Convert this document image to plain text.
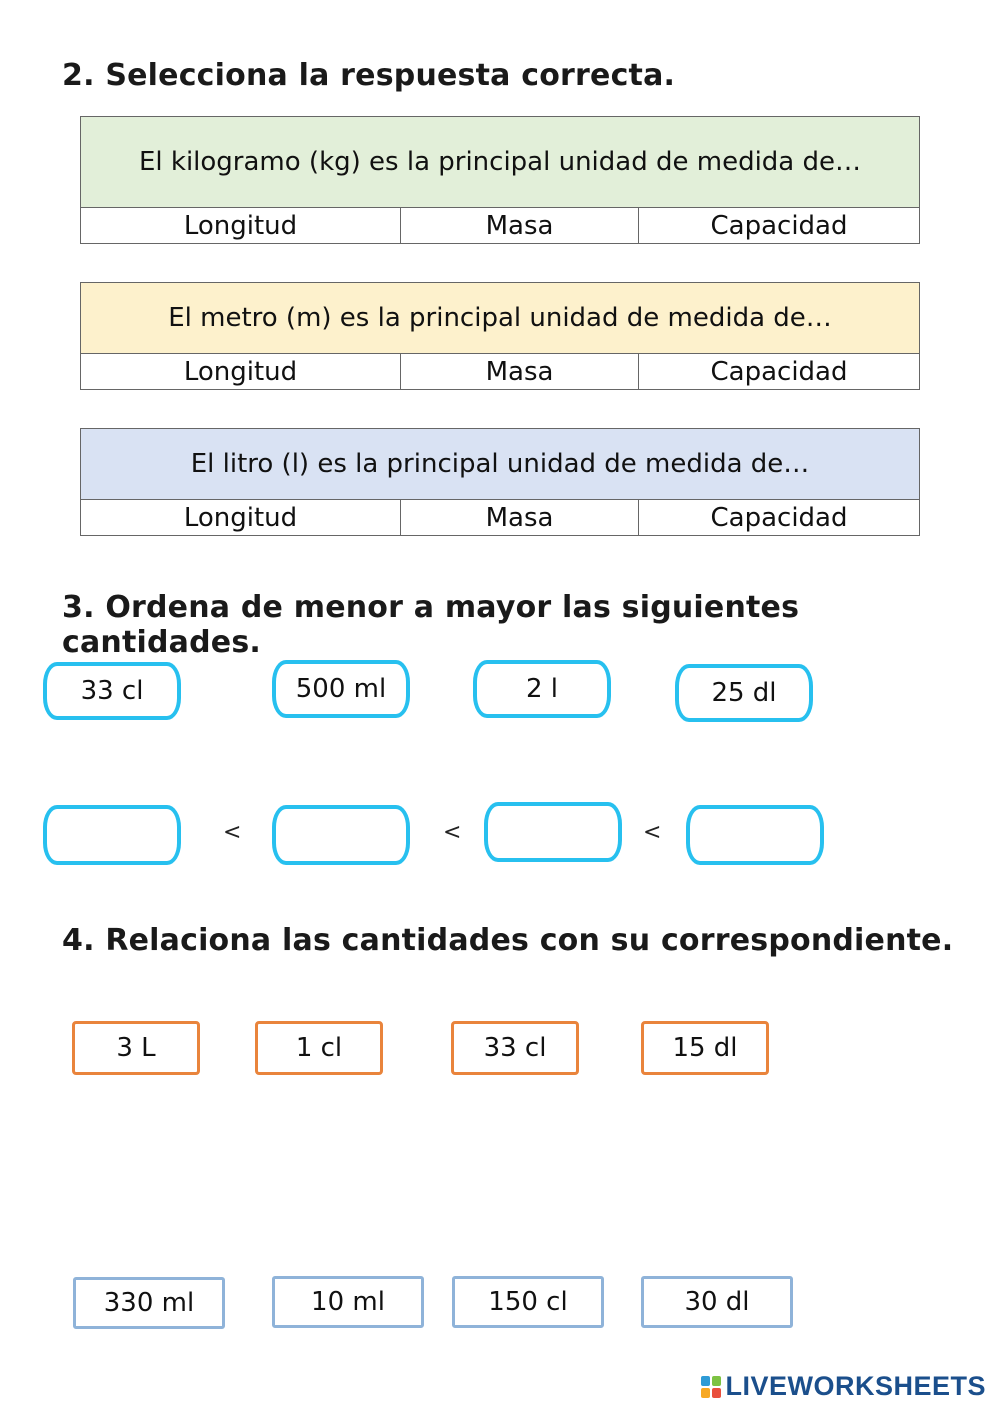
2. Selecciona la respuesta correcta.
El kilogramo (kg) es la principal unidad de medida de…
Longitud	Masa	Capacidad
El metro (m) es la principal unidad de medida de…
Longitud	Masa	Capacidad
El litro (l) es la principal unidad de medida de…
Longitud	Masa	Capacidad
3. Ordena de menor a mayor las siguientes cantidades.
33 cl	500 ml	2 l	25 dl
<	<	<
4. Relaciona las cantidades con su correspondiente.
3 L	1 cl	33 cl	15 dl
330 ml	10 ml	150 cl	30 dl
LIVEWORKSHEETS
